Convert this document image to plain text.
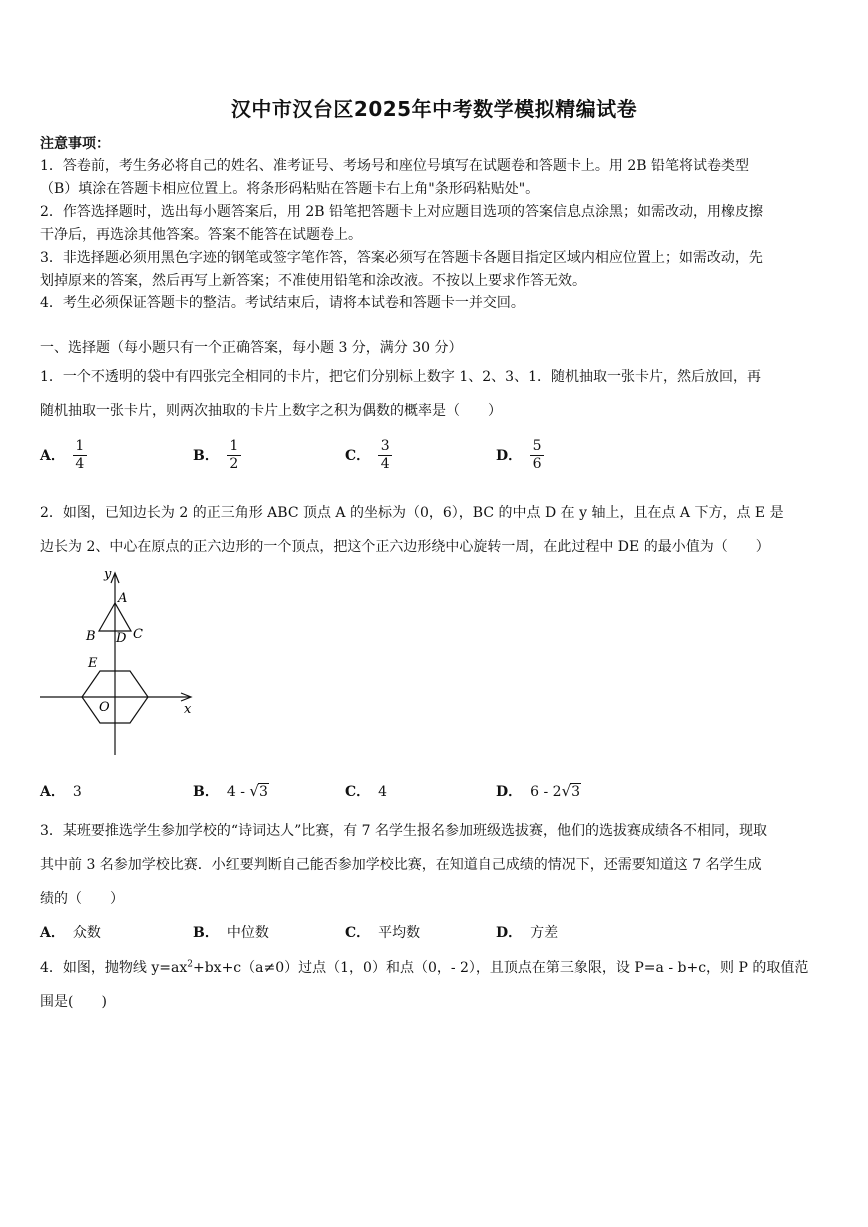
汉中市汉台区2025年中考数学模拟精编试卷
注意事项：
1．答卷前，考生务必将自己的姓名、准考证号、考场号和座位号填写在试题卷和答题卡上。用 2B 铅笔将试卷类型
（B）填涂在答题卡相应位置上。将条形码粘贴在答题卡右上角"条形码粘贴处"。
2．作答选择题时，选出每小题答案后，用 2B 铅笔把答题卡上对应题目选项的答案信息点涂黑；如需改动，用橡皮擦
干净后，再选涂其他答案。答案不能答在试题卷上。
3．非选择题必须用黑色字迹的钢笔或签字笔作答，答案必须写在答题卡各题目指定区域内相应位置上；如需改动，先
划掉原来的答案，然后再写上新答案；不准使用铅笔和涂改液。不按以上要求作答无效。
4．考生必须保证答题卡的整洁。考试结束后，请将本试卷和答题卡一并交回。
一、选择题（每小题只有一个正确答案，每小题 3 分，满分 30 分）
1．一个不透明的袋中有四张完全相同的卡片，把它们分别标上数字 1、2、3、1．随机抽取一张卡片，然后放回，再
随机抽取一张卡片，则两次抽取的卡片上数字之积为偶数的概率是（　　）
A． $\frac{1}{4}$	B． $\frac{1}{2}$	C． $\frac{3}{4}$	D． $\frac{5}{6}$
2．如图，已知边长为 2 的正三角形 ABC 顶点 A 的坐标为（0，6），BC 的中点 D 在 y 轴上，且在点 A 下方，点 E 是
边长为 2、中心在原点的正六边形的一个顶点，把这个正六边形绕中心旋转一周，在此过程中 DE 的最小值为（　　）
y
x
A
B D C
E
O
A． 3	B． 4 - √3	C． 4	D． 6 - 2√3
3．某班要推选学生参加学校的“诗词达人”比赛，有 7 名学生报名参加班级选拔赛，他们的选拔赛成绩各不相同，现取
其中前 3 名参加学校比赛．小红要判断自己能否参加学校比赛，在知道自己成绩的情况下，还需要知道这 7 名学生成
绩的（　　）
A． 众数	B． 中位数	C． 平均数	D． 方差
4．如图，抛物线 $y=ax^2+bx+c(a\ne 0)$过点（1，0）和点（0，- 2），且顶点在第三象限，设 P=a - b+c，则 P 的取值范
围是(　　)
